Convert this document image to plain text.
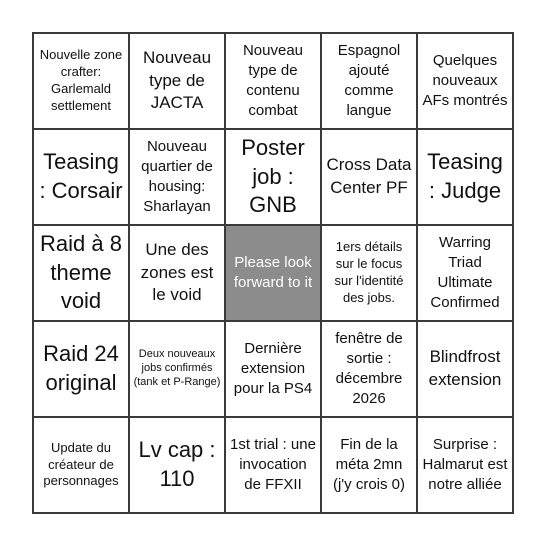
Nouvelle zone crafter: Garlemald settlement
Nouveau type de JACTA
Nouveau type de contenu combat
Espagnol ajouté comme langue
Quelques nouveaux AFs montrés
Teasing : Corsair
Nouveau quartier de housing: Sharlayan
Poster job : GNB
Cross Data Center PF
Teasing : Judge
Raid à 8 theme void
Une des zones est le void
Please look forward to it
1ers détails sur le focus sur l'identité des jobs.
Warring Triad Ultimate Confirmed
Raid 24 original
Deux nouveaux jobs confirmés (tank et P-Range)
Dernière extension pour la PS4
fenêtre de sortie : décembre 2026
Blindfrost extension
Update du créateur de personnages
Lv cap : 110
1st trial : une invocation de FFXII
Fin de la méta 2mn (j'y crois 0)
Surprise : Halmarut est notre alliée
